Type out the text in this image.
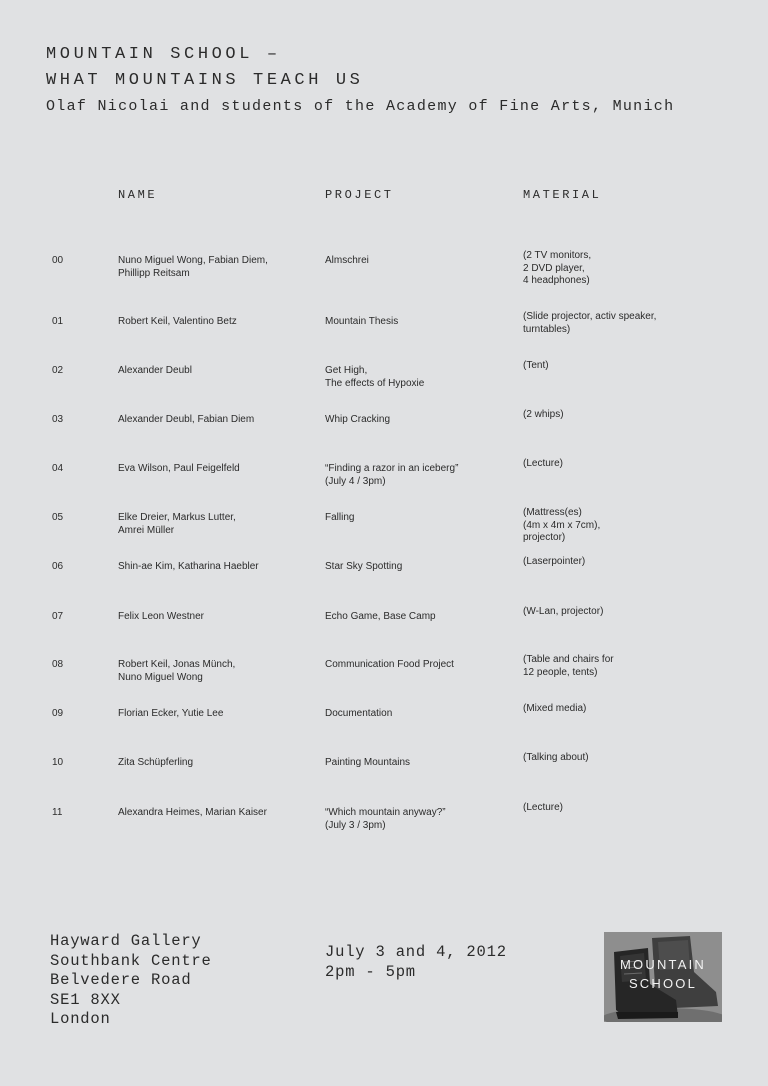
MOUNTAIN SCHOOL –
WHAT MOUNTAINS TEACH US
Olaf Nicolai and students of the Academy of Fine Arts, Munich
NAME	PROJECT	MATERIAL
00	Nuno Miguel Wong, Fabian Diem,
Phillipp Reitsam
Almschrei	(2 TV monitors,
2 DVD player,
4 headphones)
01	Robert Keil, Valentino Betz	Mountain Thesis	(Slide projector, activ speaker,
turntables)
02	Alexander Deubl	Get High,
The effects of Hypoxie
(Tent)
03	Alexander Deubl, Fabian Diem	Whip Cracking	(2 whips)
04	Eva Wilson, Paul Feigelfeld	“Finding a razor in an iceberg”
(July 4 / 3pm)
(Lecture)
05	Elke Dreier, Markus Lutter,
Amrei Müller
Falling	(Mattress(es)
(4m x 4m x 7cm),
projector)
06	Shin-ae Kim, Katharina Haebler	Star Sky Spotting	(Laserpointer)
07	Felix Leon Westner	Echo Game, Base Camp	(W-Lan, projector)
08	Robert Keil, Jonas Münch,
Nuno Miguel Wong
Communication Food Project	(Table and chairs for
12 people, tents)
09	Florian Ecker, Yutie Lee	Documentation	(Mixed media)
10	Zita Schüpferling	Painting Mountains	(Talking about)
11	Alexandra Heimes, Marian Kaiser	“Which mountain anyway?”
(July 3 / 3pm)
(Lecture)
Hayward Gallery
Southbank Centre
Belvedere Road
SE1 8XX
London
July 3 and 4, 2012
2pm - 5pm	MOUNTAIN
SCHOOL
